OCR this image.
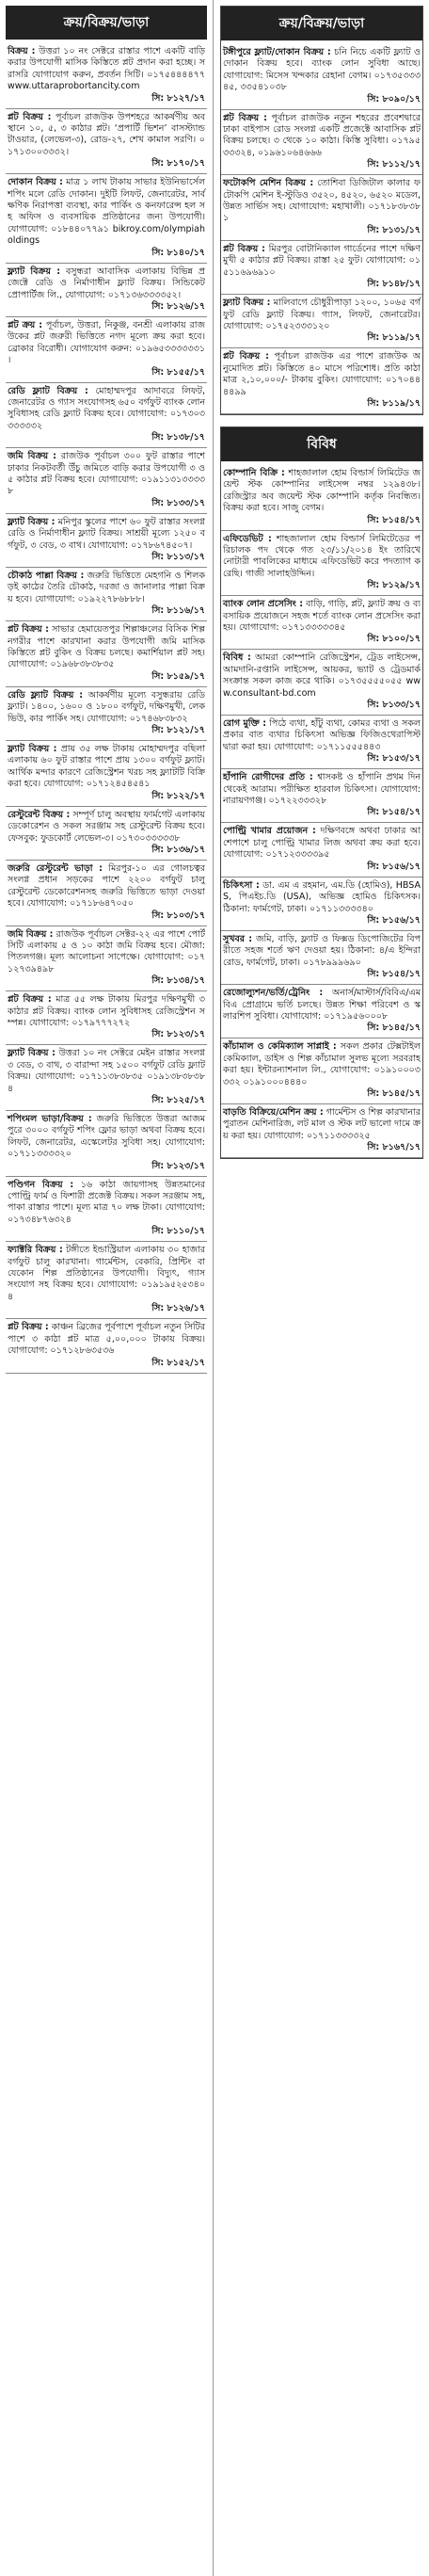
ক্রয়/বিক্রয়/ভাড়া
বিক্রয় : উত্তরা ১০ নং সেক্টরে রাস্তার পাশে একটি বাড়ি করার উপযোগী মাসিক কিস্তিতে প্লট প্রদান করা হচ্ছে। সরাসরি যোগাযোগ করুন, প্রবর্তন সিটি। ০১৭৫৪৪৪৪৭৭ www.uttaraprobortancity.com
সি: ৮১২৭/১৭
প্লট বিক্রয় : পূর্বাচল রাজউক উপশহরে আকর্ষণীয় অবস্থানে ১০, ৫, ৩ কাঠার প্লট। ‘প্রপার্টি ভিশন’ বাসস্ট্যান্ড টাওয়ার, (লেভেল-৩), রোড-২৭, শেখ কামাল সরণি। ০১৭১৩০০৩৩৩২।
সি: ৮১৭০/১৭
দোকান বিক্রয় : মাত্র ১ লাখ টাকায় সাভার ইউনিভার্সেল শপিং মলে রেডি দোকান। দুইটি লিফট, জেনারেটর, সার্বক্ষণিক নিরাপত্তা ব্যবস্থা, কার পার্কিং ও কনফারেন্স হল সহ অফিস ও ব্যবসায়িক প্রতিষ্ঠানের জন্য উপযোগী। যোগাযোগ: ০১৮৪৪০৭৭৯১ bikroy.com/olympiaholdings
সি: ৮১৪০/১৭
ফ্ল্যাট বিক্রয় : বসুন্ধরা আবাসিক এলাকায় বিভিন্ন প্রজেক্টে রেডি ও নির্মাণাধীন ফ্ল্যাট বিক্রয়। সিন্ডিকেট প্রোপার্টিজ লি., যোগাযোগ: ০১৭১৩৬৩৩৩৩৫২।
সি: ৮১২৬/১৭
প্লট ক্রয় : পূর্বাচল, উত্তরা, নিকুঞ্জ, বনশ্রী এলাকায় রাজউকের প্লট জরুরী ভিত্তিতে নগদ মূল্যে ক্রয় করা হবে। ব্রোকার বিরোধী। যোগাযোগ করুন: ০১৯৬৫৩৩৩৩৩৩১।
সি: ৮১৫৫/১৭
রেডি ফ্ল্যাট বিক্রয় : মোহাম্মদপুর আদাবরে লিফট, জেনারেটর ও গ্যাস সংযোগসহ ৬৫০ বর্গফুট ব্যাংক লোন সুবিধাসহ রেডি ফ্ল্যাট বিক্রয় হবে। যোগাযোগ: ০১৭৩০৩৩৩৩৩৩২
সি: ৮১৩৮/১৭
জমি বিক্রয় : রাজউক পূর্বাচল ৩০০ ফুট রাস্তার পাশে ঢাকার নিকটবর্তী উঁচু জমিতে বাড়ি করার উপযোগী ৩ ও ৫ কাঠার প্লট বিক্রয় হবে। যোগাযোগ: ০১৯১১৩১৩৩৩৩৮
সি: ৮১৩৩/১৭
ফ্ল্যাট বিক্রয় : মনিপুর স্কুলের পাশে ৬০ ফুট রাস্তার সংলগ্ন রেডি ও নির্মাণাধীন ফ্ল্যাট বিক্রয়। সাশ্রয়ী মূল্যে ১২৫০ বর্গফুট, ৩ বেড, ৩ বাথ। যোগাযোগ: ০১৭৮৬৭৪৫০৭।
সি: ৮১১৩/১৭
চৌকাঠ পাল্লা বিক্রয় : জরুরি ভিত্তিতে মেহগনি ও শিলকড়ই কাঠের তৈরি চৌকাঠ, দরজা ও জানালার পাল্লা বিক্রয় হবে। যোগাযোগ: ০১৯২২৭৮৬৮৮৮।
সি: ৮১১৬/১৭
প্লট বিক্রয় : সাভার হেমায়েতপুর শিল্পাঞ্চলের বিসিক শিল্প নগরীর পাশে কারখানা করার উপযোগী জমি মাসিক কিস্তিতে প্লট বুকিং ও বিক্রয় চলছে। কমার্শিয়াল প্লট সহ। যোগাযোগ: ০১৯৬৮৩৮৩৮৩৫
সি: ৮১৫৯/১৭
রেডি ফ্ল্যাট বিক্রয় : আকর্ষণীয় মূল্যে বসুন্ধরায় রেডি ফ্ল্যাট। ১৪০০, ১৬০০ ও ১৮০০ বর্গফুট, দক্ষিণমুখী, লেকভিউ, কার পার্কিং সহ। যোগাযোগ: ০১৭৪৬৮৩৮৩২
সি: ৮১২১/১৭
ফ্ল্যাট বিক্রয় : প্রায় ৩৫ লক্ষ টাকায় মোহাম্মদপুর বছিলা এলাকায় ৬০ ফুট রাস্তার পাশে প্রায় ১৩০০ বর্গফুট ফ্ল্যাট। আর্থিক মন্দার কারণে রেজিস্ট্রেশন খরচ সহ ফ্ল্যাটটি বিক্রি করা হবে। যোগাযোগ: ০১৭১২৪৫৪৫৪১
সি: ৮১২২/১৭
রেস্টুরেন্ট বিক্রয় : সম্পূর্ণ চালু অবস্থায় ফার্মগেট এলাকায় ডেকোরেশন ও সকল সরঞ্জাম সহ রেস্টুরেন্ট বিক্রয় হবে। ফেসবুক: ফুডকোর্ট লেভেল-৩। ০১৭৩০৩৩৩৩৩৮
সি: ৮১৩৬/১৭
জরুরি রেস্টুরেন্ট ভাড়া : মিরপুর-১০ এর গোলচত্বর সংলগ্ন প্রধান সড়কের পাশে ২২০০ বর্গফুট চালু রেস্টুরেন্ট ডেকোরেশনসহ জরুরি ভিত্তিতে ভাড়া দেওয়া হবে। যোগাযোগ: ০১৭১৮৬৪৭০৫০
সি: ৮১০৩/১৭
জমি বিক্রয় : রাজউক পূর্বাচল সেক্টর-২২ এর পাশে পোর্ট সিটি এলাকায় ৫ ও ১০ কাঠা জমি বিক্রয় হবে। মৌজা: পিতলগঞ্জ। মূল্য আলোচনা সাপেক্ষে। যোগাযোগ: ০১৭১২৭৩৯৪৯৮
সি: ৮১৩৪/১৭
প্লট বিক্রয় : মাত্র ৫৫ লক্ষ টাকায় মিরপুর দক্ষিণমুখী ৩ কাঠার প্লট বিক্রয়। ব্যাংক লোন সুবিধাসহ রেজিস্ট্রেশন সম্পন্ন। যোগাযোগ: ০১৭৯৭৭৭২৭২
সি: ৮১২৩/১৭
ফ্ল্যাট বিক্রয় : উত্তরা ১০ নং সেক্টরে মেইন রাস্তার সংলগ্ন ৩ বেড, ৩ বাথ, ৩ বারান্দা সহ ১৫০০ বর্গফুট রেডি ফ্ল্যাট বিক্রয়। যোগাযোগ: ০১৭১১৩৮৩৮৩৫ ০১৯১৩৮৩৮৩৮৪
সি: ৮১২৫/১৭
শপিংমল ভাড়া/বিক্রয় : জরুরি ভিত্তিতে উত্তরা আজমপুরে ৩০০০ বর্গফুট শপিং ফ্লোর ভাড়া অথবা বিক্রয় হবে। লিফট, জেনারেটর, এস্কেলেটর সুবিধা সহ। যোগাযোগ: ০১৭১১৩৩৩৩২০
সি: ৮১২৩/১৭
পণ্ডিগন বিক্রয় : ১৬ কাঠা জায়গাসহ উন্নতমানের পোল্ট্রি ফার্ম ও ফিশারী প্রজেক্ট বিক্রয়। সকল সরঞ্জাম সহ, পাকা রাস্তার পাশে। মূল্য মাত্র ৭০ লক্ষ টাকা। যোগাযোগ: ০১৭৩৪৮৭৬৩২৪
সি: ৮১১০/১৭
ফ্যাক্টরি বিক্রয় : টঙ্গীতে ইন্ডাস্ট্রিয়াল এলাকায় ৩০ হাজার বর্গফুট চালু কারখানা। গার্মেন্টস, বেকারি, প্রিন্টিং বা যেকোন শিল্প প্রতিষ্ঠানের উপযোগী। বিদ্যুৎ, গ্যাস সংযোগ সহ বিক্রয় হবে। যোগাযোগ: ০১৯১৯৫২৫৩৪০৪
সি: ৮১২৬/১৭
প্লট বিক্রয় : কাঞ্চন ব্রিজের পূর্বপাশে পূর্বাচল নতুন সিটির পাশে ৩ কাঠা প্লট মাত্র ৫,০০,০০০ টাকায় বিক্রয়। যোগাযোগ: ০১৭১২৮৬৩৫৩৬
সি: ৮১৫২/১৭
ক্রয়/বিক্রয়/ভাড়া
টঙ্গীপুরে ফ্ল্যাট/দোকান বিক্রয় : চনি নিচে একটি ফ্ল্যাট ও দোকান বিক্রয় হবে। ব্যাংক লোন সুবিধা আছে। যোগাযোগ: মিসেস খন্দকার রেহানা বেগম। ০১৭৩৫৩৩৩৪৫, ৩৩৫৪১০৩৮
সি: ৮০৯০/১৭
প্লট বিক্রয় : পূর্বাচল রাজউক নতুন শহরের প্রবেশদ্বারে ঢাকা বাইপাস রোড সংলগ্ন একটি প্রজেক্টে আবাসিক প্লট বিক্রয় চলছে। ৩ থেকে ১০ কাঠা। কিস্তি সুবিধা। ০১৭৯৫৩৩৩২৪, ০১৯৬১০৬৪৬৬৬
সি: ৮১১২/১৭
ফটোকপি মেশিন বিক্রয় : তোশিবা ডিজিটাল কালার ফটোকপি মেশিন ই-স্টুডিও ৩৫২০, ৪৫২০, ৬৫২০ মডেল, উন্নত সার্ভিস সহ। যোগাযোগ: মহাখালী। ০১৭১৮৩৮৩৮১
সি: ৮১৩১/১৭
প্লট বিক্রয় : মিরপুর বোটানিক্যাল গার্ডেনের পাশে দক্ষিণমুখী ৫ কাঠার প্লট বিক্রয়। রাস্তা ২৫ ফুট। যোগাযোগ: ০১৫১১৬৯৬৯১০
সি: ৮১৪৮/১৭
ফ্ল্যাট বিক্রয় : মালিবাগে চৌধুরীপাড়া ১২০০, ১০৬৫ বর্গফুট রেডি ফ্ল্যাট বিক্রয়। গ্যাস, লিফট, জেনারেটর। যোগাযোগ: ০১৭৫২৩৩৩১২০
সি: ৮১১৯/১৭
প্লট বিক্রয় : পূর্বাচল রাজউক এর পাশে রাজউক অনুমোদিত প্লট। কিস্তিতে ৪০ মাসে পরিশোধ। প্রতি কাঠা মাত্র ২,১০,০০০/- টাকায় বুকিং। যোগাযোগ: ০১৭০৪৪৪৪৯৯
সি: ৮১১৯/১৭
বিবিধ
কোম্পানি বিক্রি : শাহজালাল হোম বিল্ডার্স লিমিটেড জয়েন্ট স্টক কোম্পানির লাইসেন্স নম্বর ১২৯৪৩৮। রেজিস্ট্রার অব জয়েন্ট স্টক কোম্পানি কর্তৃক নিবন্ধিত। বিক্রয় করা হবে। সাজু বেগম।
সি: ৮১৫৪/১৭
এফিডেভিট : শাহজালাল হোম বিল্ডার্স লিমিটেডের পরিচালক পদ থেকে গত ২৩/১১/২০১৪ ইং তারিখে নোটারী পাবলিকের মাধ্যমে এফিডেভিট করে পদত্যাগ করেছি। গাজী সালাহউদ্দিন।
সি: ৮১২৯/১৭
ব্যাংক লোন প্রসেসিং : বাড়ি, গাড়ি, প্লট, ফ্ল্যাট ক্রয় ও ব্যবসায়িক প্রয়োজনে সহজ শর্তে ব্যাংক লোন প্রসেসিং করা হয়। যোগাযোগ: ০১৭১৩৩৩৩৩৪৫
সি: ৮১০০/১৭
বিবিধ : আমরা কোম্পানি রেজিস্ট্রেশন, ট্রেড লাইসেন্স, আমদানি-রপ্তানি লাইসেন্স, আয়কর, ভ্যাট ও ট্রেডমার্ক সংক্রান্ত সকল কাজ করে থাকি। ০১৭৩৫৫৫৫০৫৫ www.consultant-bd.com
সি: ৮১৩৩/১৭
রোগ মুক্তি : পিঠে ব্যথা, হাঁটু ব্যথা, কোমর ব্যথা ও সকল প্রকার বাত ব্যথার চিকিৎসা অভিজ্ঞ ফিজিওথেরাপিস্ট দ্বারা করা হয়। যোগাযোগ: ০১৭১১৫৫৫৪৪৩
সি: ৮১৫৩/১৭
হাঁপানি রোগীদের প্রতি : শ্বাসকষ্ট ও হাঁপানি প্রথম দিন থেকেই আরাম। পরীক্ষিত হারবাল চিকিৎসা। যোগাযোগ: নারায়ণগঞ্জ। ০১৭২২৩৩৩২৮
সি: ৮১৫৪/১৭
পোল্ট্রি খামার প্রয়োজন : দক্ষিণবঙ্গে অথবা ঢাকার আশেপাশে চালু পোল্ট্রি খামার লিজ অথবা ক্রয় করা হবে। যোগাযোগ: ০১৭১২৩৩৩৩৯৫
সি: ৮১৫৬/১৭
চিকিৎসা : ডা. এম এ রহমান, এম.ডি (হোমিও), HBSAS, পিএইচ.ডি (USA), অভিজ্ঞ হোমিও চিকিৎসক। ঠিকানা: ফার্মগেট, ঢাকা। ০১৭১১৩৩৩৩৪০
সি: ৮১৫৬/১৭
সুখবর : জমি, বাড়ি, ফ্ল্যাট ও ফিক্সড ডিপোজিটের বিপরীতে সহজ শর্তে ঋণ দেওয়া হয়। ঠিকানা: ৪/এ ইন্দিরা রোড, ফার্মগেট, ঢাকা। ০১৭৮৯৯৯৬৯০
সি: ৮১৫৪/১৭
রেজোল্যুশন/ভর্তি/ট্রেনিং : অনার্স/মাস্টার্স/বিবিএ/এমবিএ প্রোগ্রামে ভর্তি চলছে। উন্নত শিক্ষা পরিবেশ ও স্কলারশিপ সুবিধা। যোগাযোগ: ০১৭১৯৫৬০০০৮
সি: ৮১৪৫/১৭
কাঁচামাল ও কেমিক্যাল সাপ্লাই : সকল প্রকার টেক্সটাইল কেমিক্যাল, ডাইস ও শিল্প কাঁচামাল সুলভ মূল্যে সরবরাহ করা হয়। ইন্টারন্যাশনাল লি., যোগাযোগ: ০১৯১০০০৩৩৩২ ০১৯১০০০৪৪৪০
সি: ৮১৪৫/১৭
বাড়তি বিক্রিয়ে/মেশিন ক্রয় : গার্মেন্টস ও শিল্প কারখানার পুরাতন মেশিনারিজ, লট মাল ও স্টক লট ভালো দামে ক্রয় করা হয়। যোগাযোগ: ০১৭১১৩৩৩৩২৫
সি: ৮১৬৭/১৭
